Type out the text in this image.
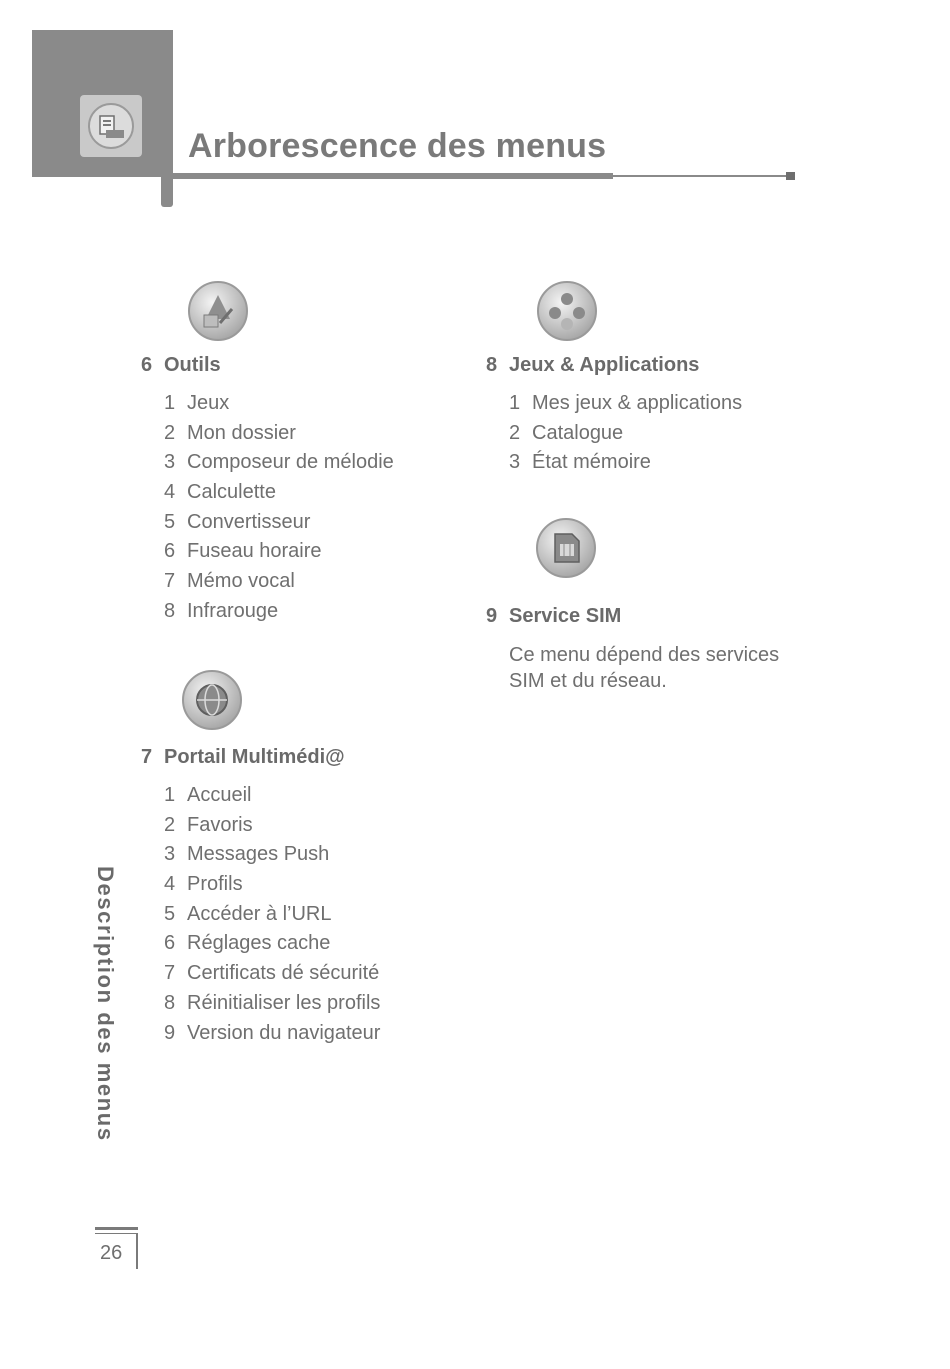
Arborescence des menus
6 Outils
1 Jeux
2 Mon dossier
3 Composeur de mélodie
4 Calculette
5 Convertisseur
6 Fuseau horaire
7 Mémo vocal
8 Infrarouge
7 Portail Multimédi@
1 Accueil
2 Favoris
3 Messages Push
4 Profils
5 Accéder à l’URL
6 Réglages cache
7 Certificats dé sécurité
8 Réinitialiser les profils
9 Version du navigateur
8 Jeux & Applications
1 Mes jeux & applications
2 Catalogue
3 État mémoire
9 Service SIM
Ce menu dépend des services SIM et du réseau.
Description des menus
26
